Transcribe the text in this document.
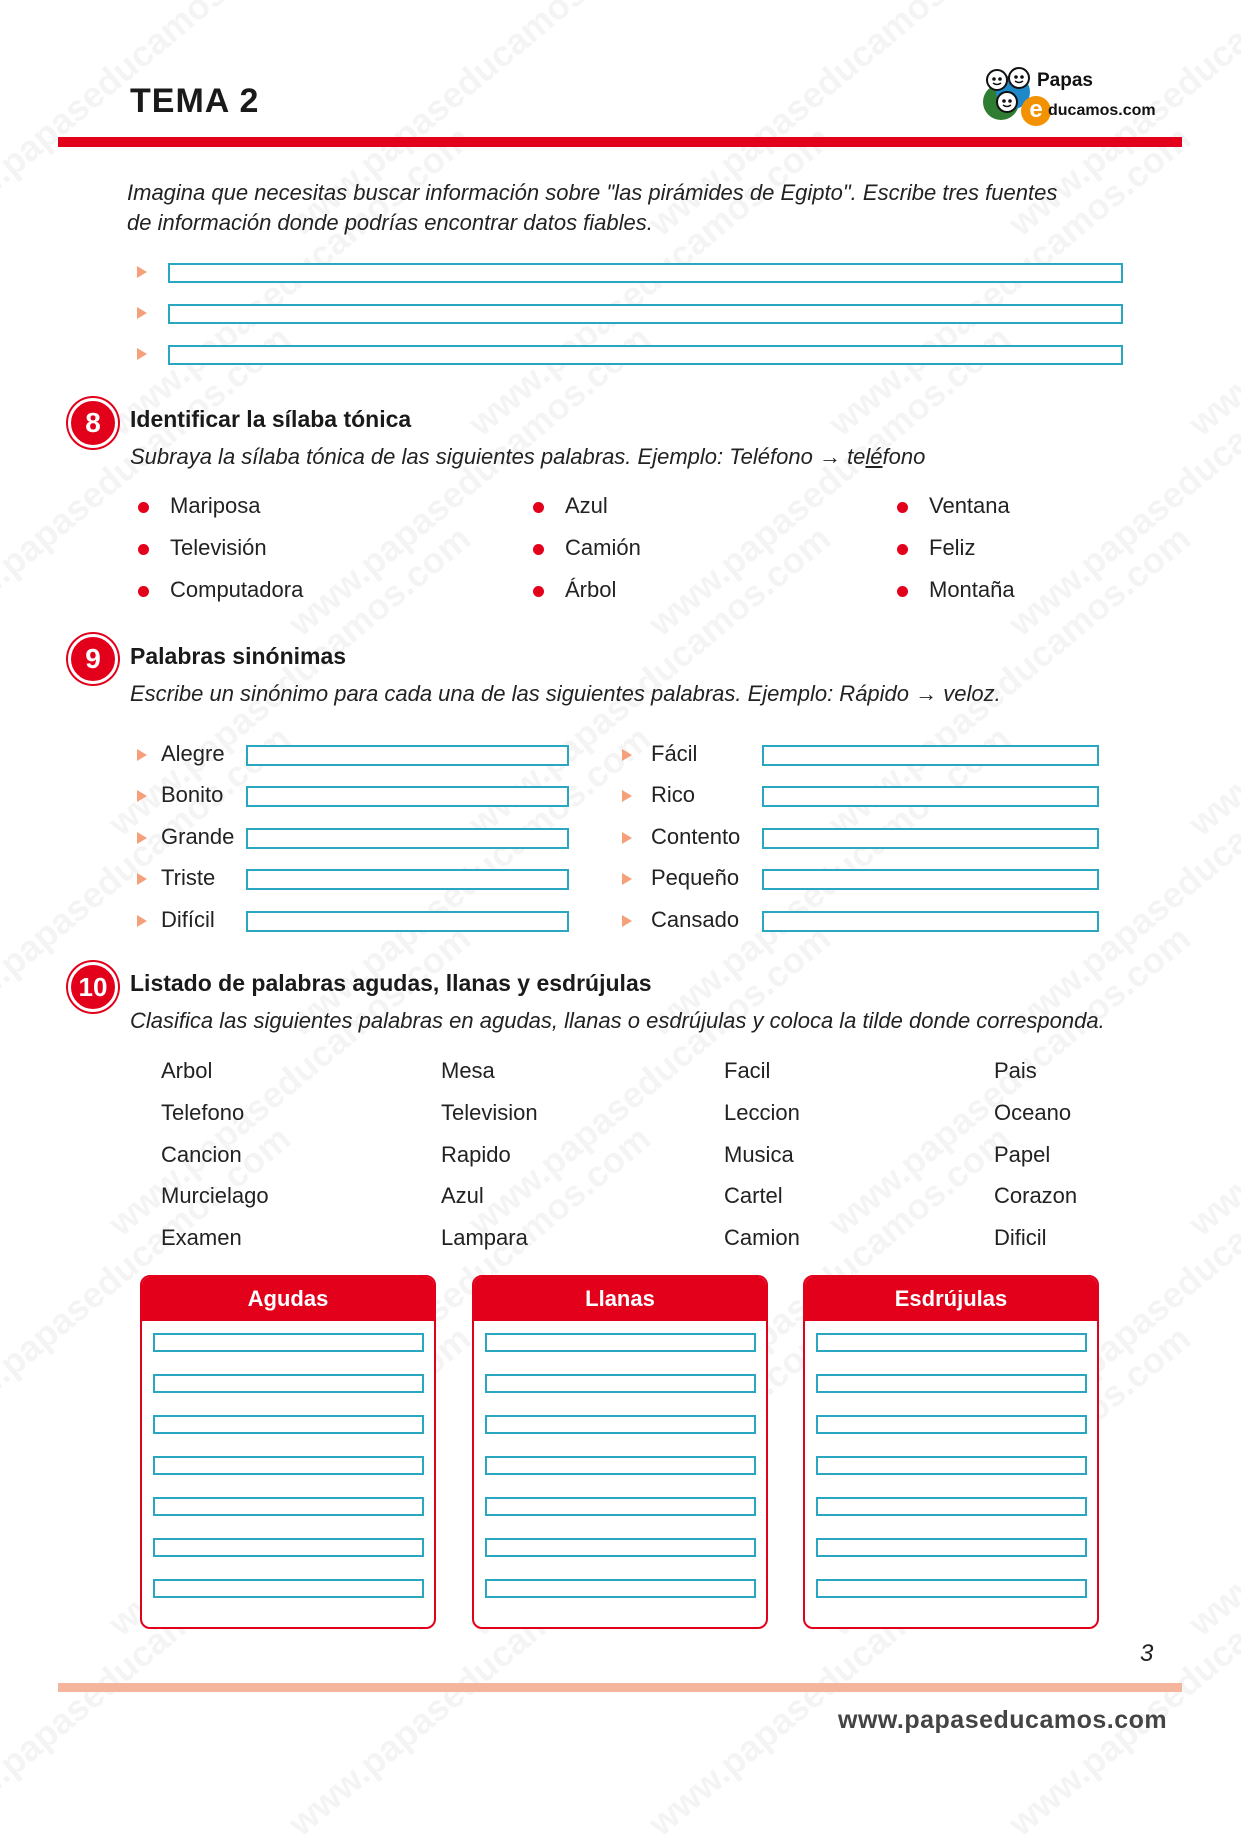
TEMA 2
Papas
e ducamos.com
Imagina que necesitas buscar información sobre "las pirámides de Egipto". Escribe tres fuentes de información donde podrías encontrar datos fiables.
8	Identificar la sílaba tónica
Subraya la sílaba tónica de las siguientes palabras. Ejemplo: Teléfono → teléfono
Mariposa
Televisión
Computadora
Azul
Camión
Árbol
Ventana
Feliz
Montaña
9	Palabras sinónimas
Escribe un sinónimo para cada una de las siguientes palabras. Ejemplo: Rápido → veloz.
Alegre	Fácil
Bonito	Rico
Grande	Contento
Triste	Pequeño
Difícil	Cansado
10 Listado de palabras agudas, llanas y esdrújulas
Clasifica las siguientes palabras en agudas, llanas o esdrújulas y coloca la tilde donde corresponda.
Arbol
Telefono
Cancion
Murcielago
Examen
Mesa
Television
Rapido
Azul
Lampara
Facil
Leccion
Musica
Cartel
Camion
Pais
Oceano
Papel
Corazon
Dificil
Agudas	Llanas	Esdrújulas
3
www.papaseducamos.com
